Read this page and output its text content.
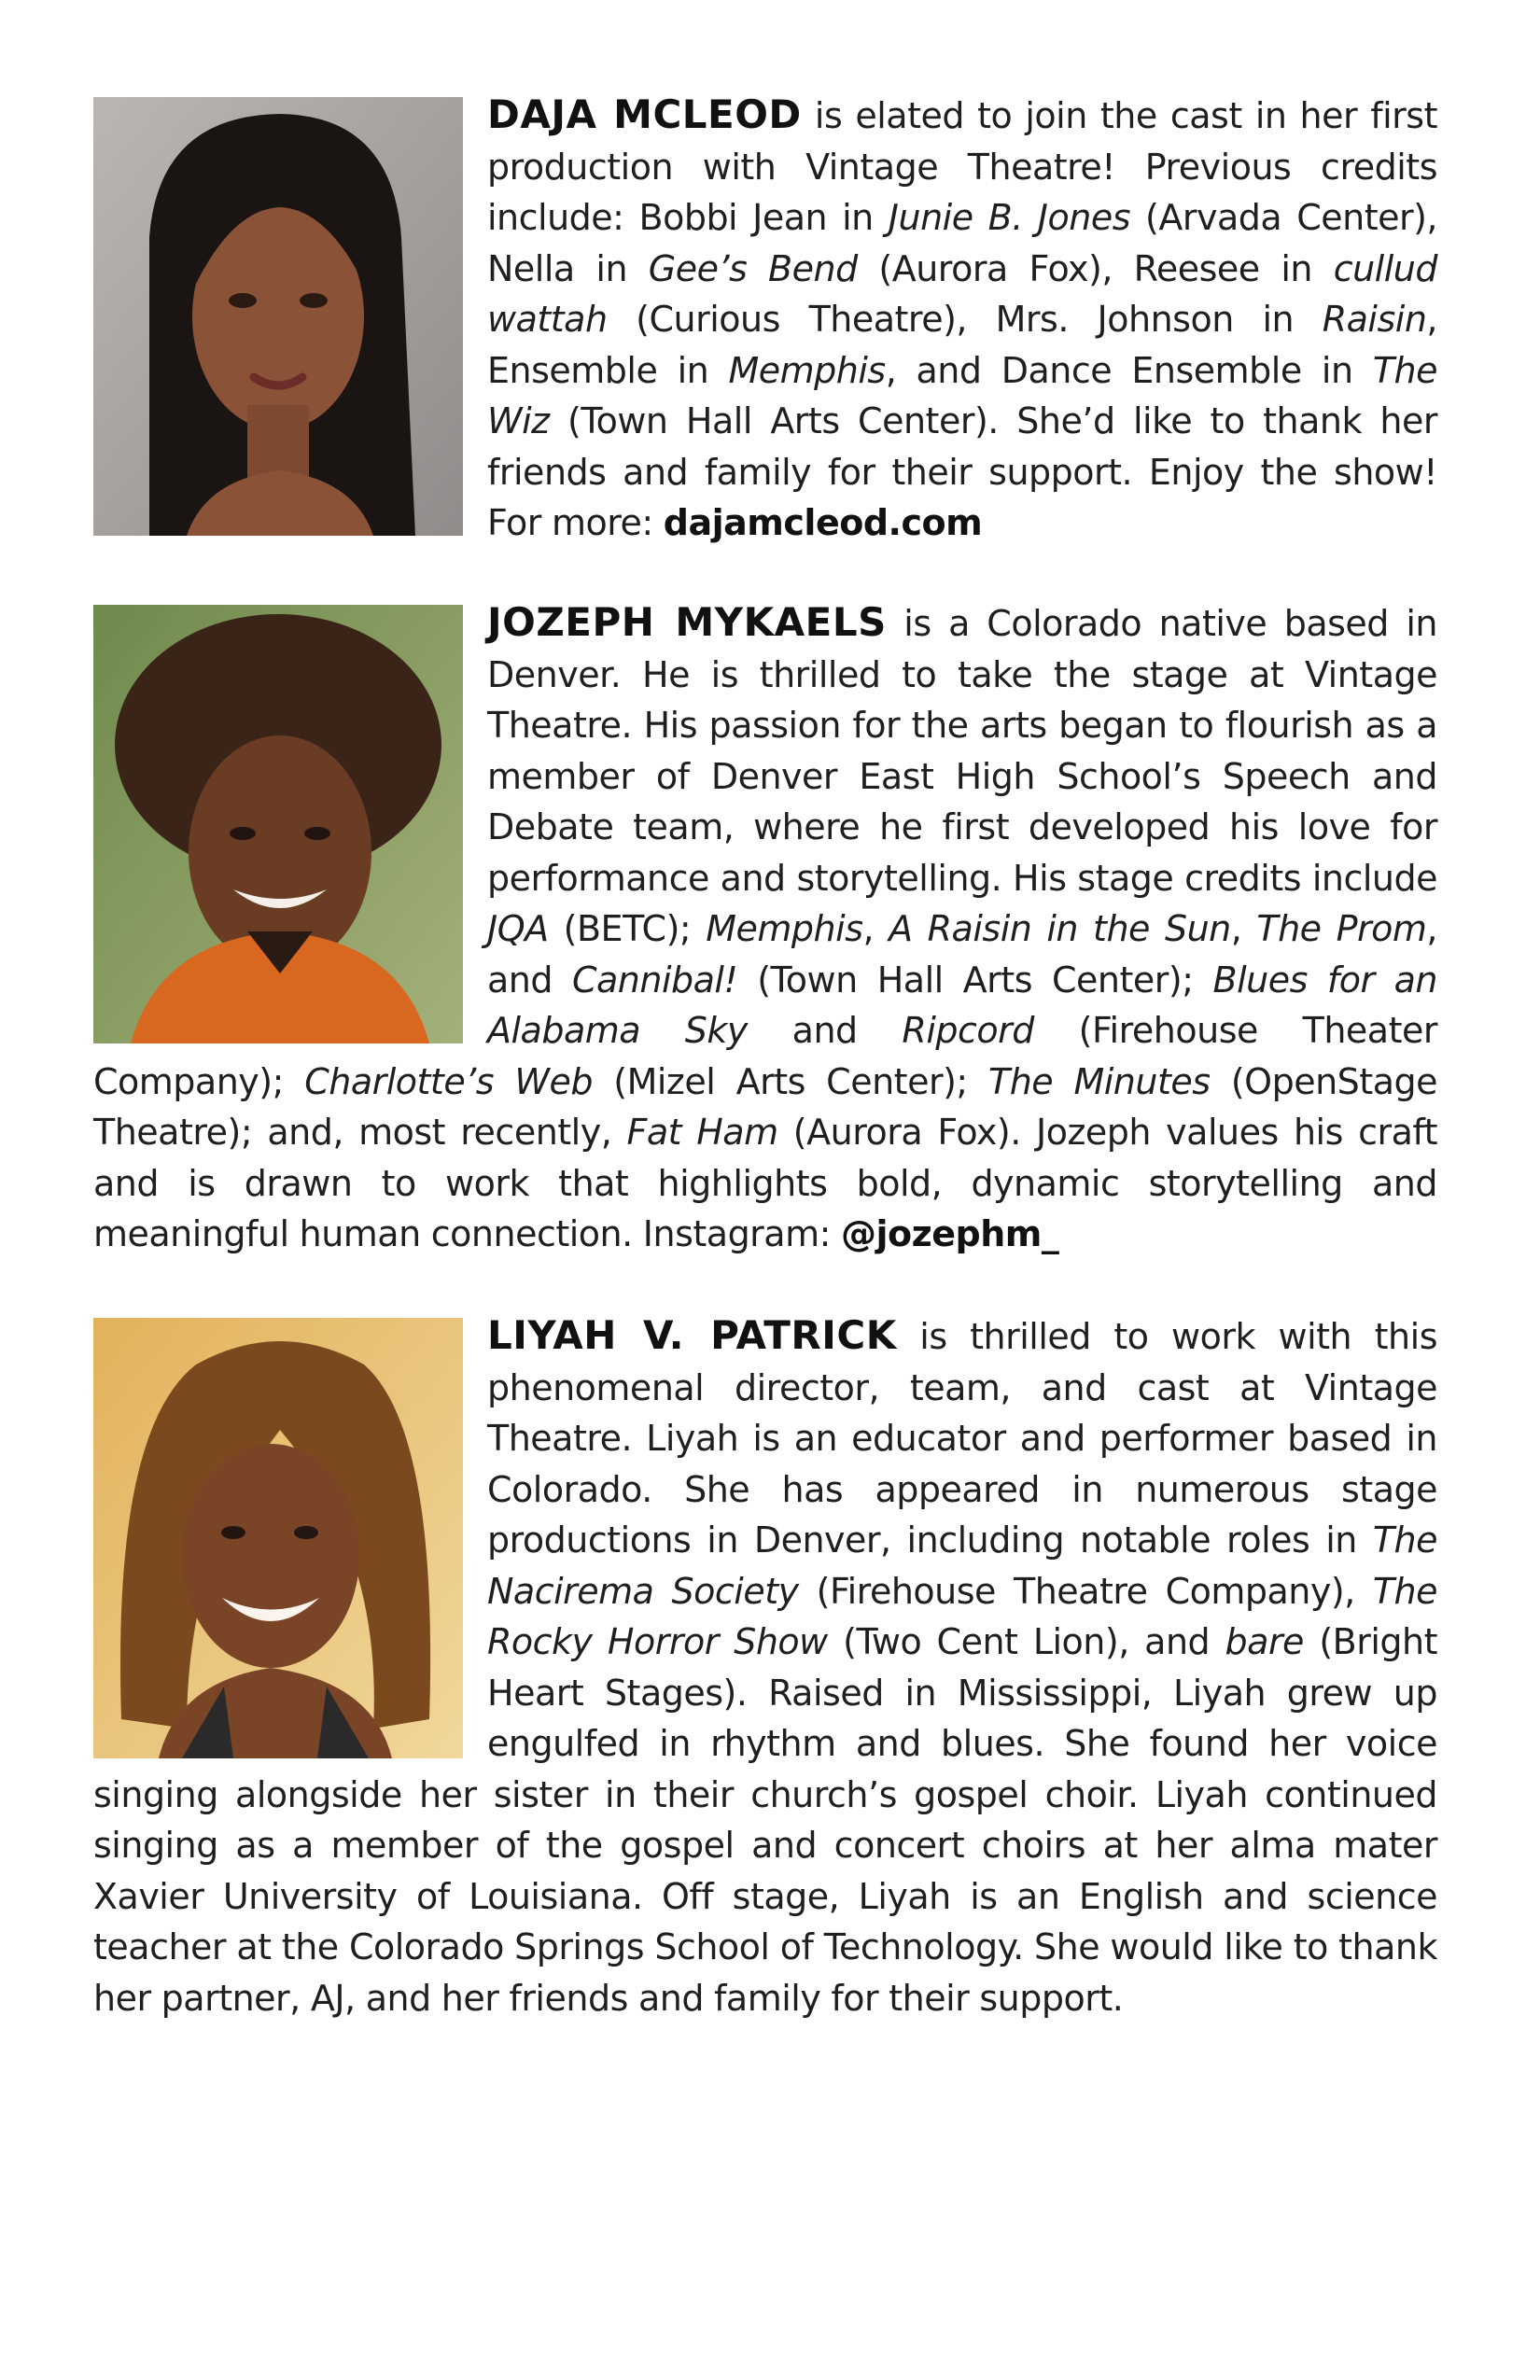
DAJA MCLEOD is elated to join the cast in her first production with Vintage Theatre! Previous credits include: Bobbi Jean in Junie B. Jones (Arvada Center), Nella in Gee’s Bend (Aurora Fox), Reesee in cullud wattah (Curious Theatre), Mrs. Johnson in Raisin, Ensemble in Memphis, and Dance Ensemble in The Wiz (Town Hall Arts Center). She’d like to thank her friends and family for their support. Enjoy the show! For more: dajamcleod.com
JOZEPH MYKAELS is a Colorado native based in Denver. He is thrilled to take the stage at Vintage Theatre. His passion for the arts began to flourish as a member of Denver East High School’s Speech and Debate team, where he first developed his love for performance and storytelling. His stage credits include JQA (BETC); Memphis, A Raisin in the Sun, The Prom, and Cannibal! (Town Hall Arts Center); Blues for an Alabama Sky and Ripcord (Firehouse Theater Company); Charlotte’s Web (Mizel Arts Center); The Minutes (OpenStage Theatre); and, most recently, Fat Ham (Aurora Fox). Jozeph values his craft and is drawn to work that highlights bold, dynamic storytelling and meaningful human connection. Instagram: @jozephm_
LIYAH V. PATRICK is thrilled to work with this phenomenal director, team, and cast at Vintage Theatre. Liyah is an educator and performer based in Colorado. She has appeared in numerous stage productions in Denver, including notable roles in The Nacirema Society (Firehouse Theatre Company), The Rocky Horror Show (Two Cent Lion), and bare (Bright Heart Stages). Raised in Mississippi, Liyah grew up engulfed in rhythm and blues. She found her voice singing alongside her sister in their church’s gospel choir. Liyah continued singing as a member of the gospel and concert choirs at her alma mater Xavier University of Louisiana. Off stage, Liyah is an English and science teacher at the Colorado Springs School of Technology. She would like to thank her partner, AJ, and her friends and family for their support.
